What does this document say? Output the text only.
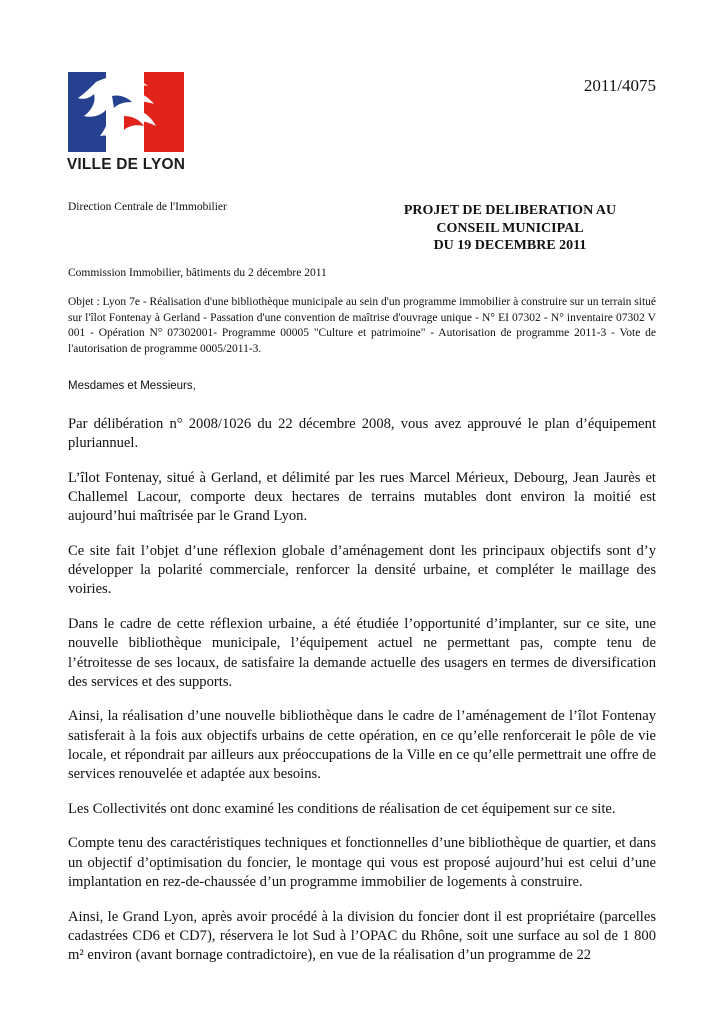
VILLE DE LYON
2011/4075
Direction Centrale de l'Immobilier	PROJET DE DELIBERATION AU
CONSEIL MUNICIPAL
DU 19 DECEMBRE 2011
Commission Immobilier, bâtiments du 2 décembre 2011

Objet : Lyon 7e - Réalisation d'une bibliothèque municipale au sein d'un programme immobilier à construire sur un terrain situé sur l'îlot Fontenay à Gerland - Passation d'une convention de maîtrise d'ouvrage unique - N° EI 07302 - N° inventaire 07302 V 001 - Opération N° 07302001- Programme 00005 "Culture et patrimoine" - Autorisation de programme 2011-3 - Vote de l'autorisation de programme 0005/2011-3.

Mesdames et Messieurs,

Par délibération n° 2008/1026 du 22 décembre 2008, vous avez approuvé le plan d’équipement pluriannuel.

L’îlot Fontenay, situé à Gerland, et délimité par les rues Marcel Mérieux, Debourg, Jean Jaurès et Challemel Lacour, comporte deux hectares de terrains mutables dont environ la moitié est aujourd’hui maîtrisée par le Grand Lyon.

Ce site fait l’objet d’une réflexion globale d’aménagement dont les principaux objectifs sont d’y développer la polarité commerciale, renforcer la densité urbaine, et compléter le maillage des voiries.

Dans le cadre de cette réflexion urbaine, a été étudiée l’opportunité d’implanter, sur ce site, une nouvelle bibliothèque municipale, l’équipement actuel ne permettant pas, compte tenu de l’étroitesse de ses locaux, de satisfaire la demande actuelle des usagers en termes de diversification des services et des supports.

Ainsi, la réalisation d’une nouvelle bibliothèque dans le cadre de l’aménagement de l’îlot Fontenay satisferait à la fois aux objectifs urbains de cette opération, en ce qu’elle renforcerait le pôle de vie locale, et répondrait par ailleurs aux préoccupations de la Ville en ce qu’elle permettrait une offre de services renouvelée et adaptée aux besoins.

Les Collectivités ont donc examiné les conditions de réalisation de cet équipement sur ce site.

Compte tenu des caractéristiques techniques et fonctionnelles d’une bibliothèque de quartier, et dans un objectif d’optimisation du foncier, le montage qui vous est proposé aujourd’hui est celui d’une implantation en rez-de-chaussée d’un programme immobilier de logements à construire.

Ainsi, le Grand Lyon, après avoir procédé à la division du foncier dont il est propriétaire (parcelles cadastrées CD6 et CD7), réservera le lot Sud à l’OPAC du Rhône, soit une surface au sol de 1 800 m² environ (avant bornage contradictoire), en vue de la réalisation d’un programme de 22
